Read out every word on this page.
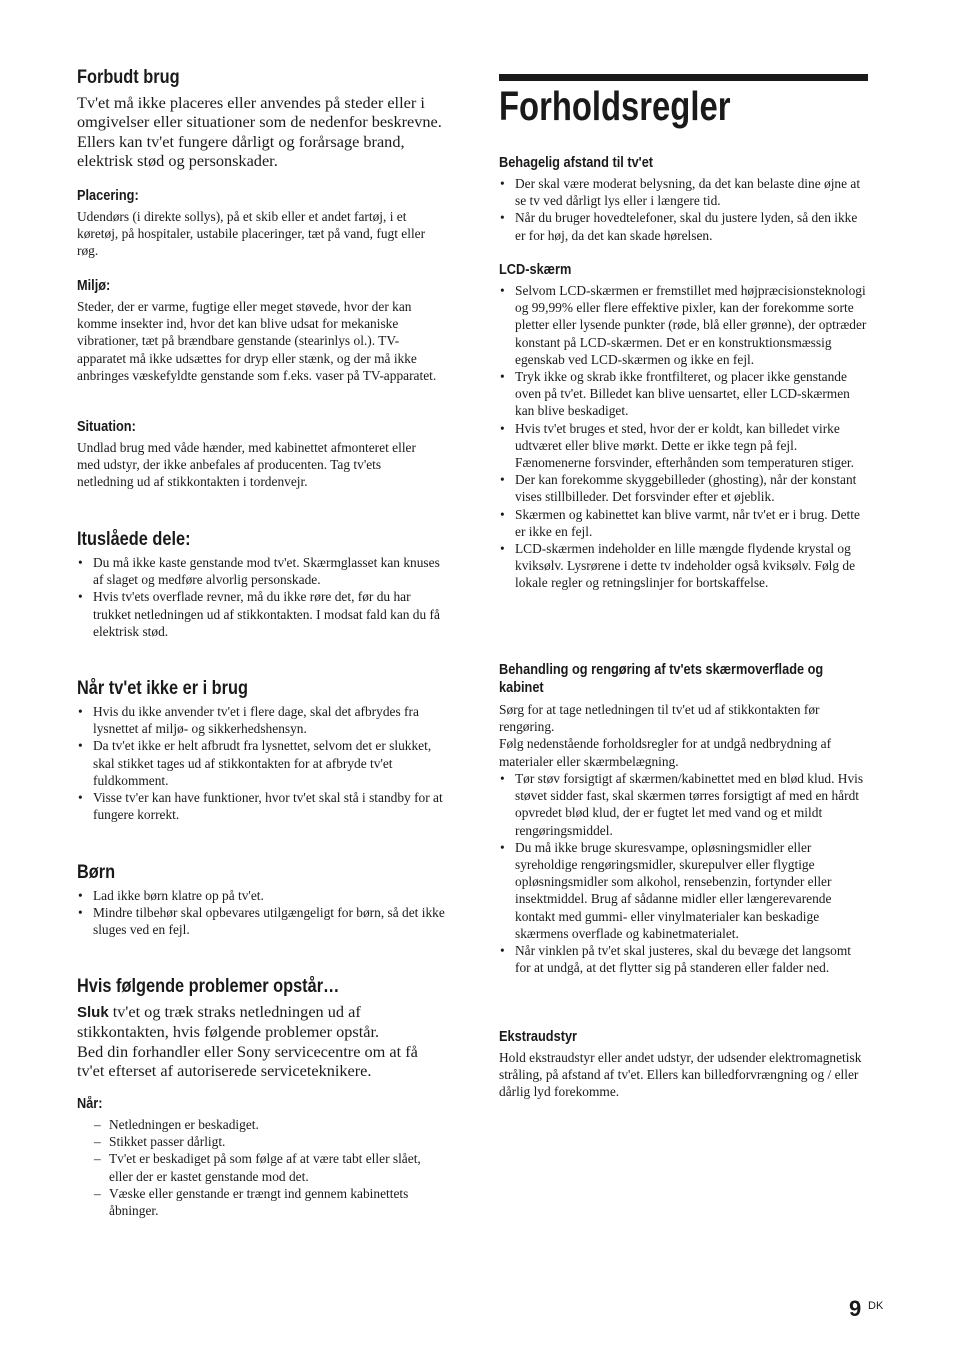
Forbudt brug
Tv'et må ikke placeres eller anvendes på steder eller i omgivelser eller situationer som de nedenfor beskrevne. Ellers kan tv'et fungere dårligt og forårsage brand, elektrisk stød og personskader.
Placering:
Udendørs (i direkte sollys), på et skib eller et andet fartøj, i et køretøj, på hospitaler, ustabile placeringer, tæt på vand, fugt eller røg.
Miljø:
Steder, der er varme, fugtige eller meget støvede, hvor der kan komme insekter ind, hvor det kan blive udsat for mekaniske vibrationer, tæt på brændbare genstande (stearinlys ol.). TV-apparatet må ikke udsættes for dryp eller stænk, og der må ikke anbringes væskefyldte genstande som f.eks. vaser på TV-apparatet.
Situation:
Undlad brug med våde hænder, med kabinettet afmonteret eller med udstyr, der ikke anbefales af producenten. Tag tv'ets netledning ud af stikkontakten i tordenvejr.
Ituslåede dele:
• Du må ikke kaste genstande mod tv'et. Skærmglasset kan knuses af slaget og medføre alvorlig personskade.
• Hvis tv'ets overflade revner, må du ikke røre det, før du har trukket netledningen ud af stikkontakten. I modsat fald kan du få elektrisk stød.
Når tv'et ikke er i brug
• Hvis du ikke anvender tv'et i flere dage, skal det afbrydes fra lysnettet af miljø- og sikkerhedshensyn.
• Da tv'et ikke er helt afbrudt fra lysnettet, selvom det er slukket, skal stikket tages ud af stikkontakten for at afbryde tv'et fuldkomment.
• Visse tv'er kan have funktioner, hvor tv'et skal stå i standby for at fungere korrekt.
Børn
• Lad ikke børn klatre op på tv'et.
• Mindre tilbehør skal opbevares utilgængeligt for børn, så det ikke sluges ved en fejl.
Hvis følgende problemer opstår…
Sluk tv'et og træk straks netledningen ud af stikkontakten, hvis følgende problemer opstår.
Bed din forhandler eller Sony servicecentre om at få tv'et efterset af autoriserede serviceteknikere.
Når:
– Netledningen er beskadiget.
– Stikket passer dårligt.
– Tv'et er beskadiget på som følge af at være tabt eller slået, eller der er kastet genstande mod det.
– Væske eller genstande er trængt ind gennem kabinettets åbninger.
Forholdsregler
Behagelig afstand til tv'et
• Der skal være moderat belysning, da det kan belaste dine øjne at se tv ved dårligt lys eller i længere tid.
• Når du bruger hovedtelefoner, skal du justere lyden, så den ikke er for høj, da det kan skade hørelsen.
LCD-skærm
• Selvom LCD-skærmen er fremstillet med højpræcisionsteknologi og 99,99% eller flere effektive pixler, kan der forekomme sorte pletter eller lysende punkter (røde, blå eller grønne), der optræder konstant på LCD-skærmen. Det er en konstruktionsmæssig egenskab ved LCD-skærmen og ikke en fejl.
• Tryk ikke og skrab ikke frontfilteret, og placer ikke genstande oven på tv'et. Billedet kan blive uensartet, eller LCD-skærmen kan blive beskadiget.
• Hvis tv'et bruges et sted, hvor der er koldt, kan billedet virke udtværet eller blive mørkt. Dette er ikke tegn på fejl. Fænomenerne forsvinder, efterhånden som temperaturen stiger.
• Der kan forekomme skyggebilleder (ghosting), når der konstant vises stillbilleder. Det forsvinder efter et øjeblik.
• Skærmen og kabinettet kan blive varmt, når tv'et er i brug. Dette er ikke en fejl.
• LCD-skærmen indeholder en lille mængde flydende krystal og kviksølv. Lysrørene i dette tv indeholder også kviksølv. Følg de lokale regler og retningslinjer for bortskaffelse.
Behandling og rengøring af tv'ets skærmoverflade og kabinet
Sørg for at tage netledningen til tv'et ud af stikkontakten før rengøring.
Følg nedenstående forholdsregler for at undgå nedbrydning af materialer eller skærmbelægning.
• Tør støv forsigtigt af skærmen/kabinettet med en blød klud. Hvis støvet sidder fast, skal skærmen tørres forsigtigt af med en hårdt opvredet blød klud, der er fugtet let med vand og et mildt rengøringsmiddel.
• Du må ikke bruge skuresvampe, opløsningsmidler eller syreholdige rengøringsmidler, skurepulver eller flygtige opløsningsmidler som alkohol, rensebenzin, fortynder eller insektmiddel. Brug af sådanne midler eller længerevarende kontakt med gummi- eller vinylmaterialer kan beskadige skærmens overflade og kabinetmaterialet.
• Når vinklen på tv'et skal justeres, skal du bevæge det langsomt for at undgå, at det flytter sig på standeren eller falder ned.
Ekstraudstyr
Hold ekstraudstyr eller andet udstyr, der udsender elektromagnetisk stråling, på afstand af tv'et. Ellers kan billedforvrængning og / eller dårlig lyd forekomme.
9 DK
